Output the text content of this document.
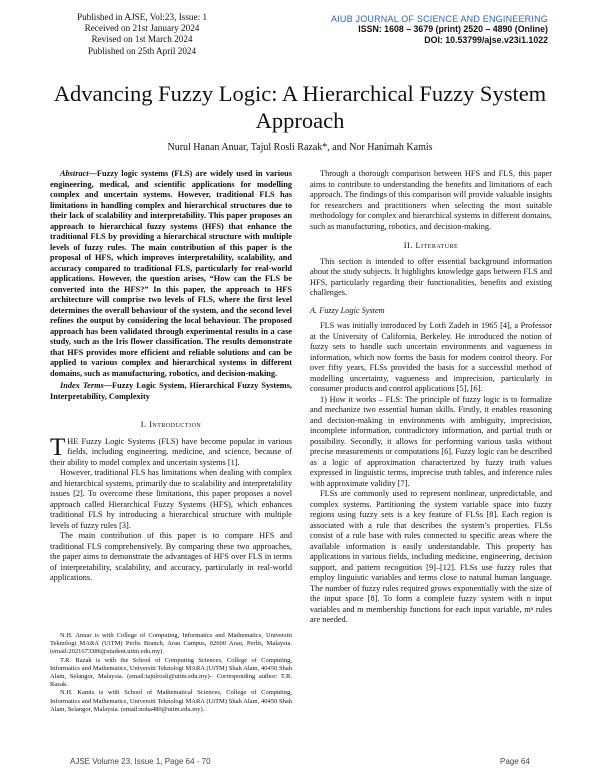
Published in AJSE, Vol:23, Issue: 1
Received on 21st January 2024
Revised on 1st March 2024
Published on 25th April 2024
AIUB JOURNAL OF SCIENCE AND ENGINEERING
ISSN: 1608 – 3679 (print) 2520 – 4890 (Online)
DOI: 10.53799/ajse.v23i1.1022
Advancing Fuzzy Logic: A Hierarchical Fuzzy System Approach
Nurul Hanan Anuar, Tajul Rosli Razak*, and Nor Hanimah Kamis

Abstract—Fuzzy logic systems (FLS) are widely used in various engineering, medical, and scientific applications for modelling complex and uncertain systems. However, traditional FLS has limitations in handling complex and hierarchical structures due to their lack of scalability and interpretability. This paper proposes an approach to hierarchical fuzzy systems (HFS) that enhance the traditional FLS by providing a hierarchical structure with multiple levels of fuzzy rules. The main contribution of this paper is the proposal of HFS, which improves interpretability, scalability, and accuracy compared to traditional FLS, particularly for real-world applications. However, the question arises, “How can the FLS be converted into the HFS?” In this paper, the approach to HFS architecture will comprise two levels of FLS, where the first level determines the overall behaviour of the system, and the second level refines the output by considering the local behaviour. The proposed approach has been validated through experimental results in a case study, such as the Iris flower classification. The results demonstrate that HFS provides more efficient and reliable solutions and can be applied to various complex and hierarchical systems in different domains, such as manufacturing, robotics, and decision-making.

Index Terms—Fuzzy Logic System, Hierarchical Fuzzy Systems, Interpretability, Complexity

I. Introduction

THE Fuzzy Logic Systems (FLS) have become popular in various fields, including engineering, medicine, and science, because of their ability to model complex and uncertain systems [1].

However, traditional FLS has limitations when dealing with complex and hierarchical systems, primarily due to scalability and interpretability issues [2]. To overcome these limitations, this paper proposes a novel approach called Hierarchical Fuzzy Systems (HFS), which enhances traditional FLS by introducing a hierarchical structure with multiple levels of fuzzy rules [3].

The main contribution of this paper is to compare HFS and traditional FLS comprehensively. By comparing these two approaches, the paper aims to demonstrate the advantages of HFS over FLS in terms of interpretability, scalability, and accuracy, particularly in real-world applications.

N.H. Anuar is with College of Computing, Informatics and Mathematics, Universiti Teknologi MARA (UiTM) Perlis Branch, Arau Campus, 02600 Arau, Perlis, Malaysia. (email:2021673386@student.uitm.edu.my).

T.R. Razak is with the School of Computing Sciences, College of Computing, Informatics and Mathematics, Universiti Teknologi MARA (UiTM) Shah Alam, 40450 Shah Alam, Selangor, Malaysia. (email:tajulrosli@uitm.edu.my)– Corresponding author: T.R. Razak.

N.H. Kamis is with School of Mathematical Sciences, College of Computing, Informatics and Mathematics, Universiti Teknologi MARA (UiTM) Shah Alam, 40450 Shah Alam, Selangor, Malaysia. (email:noha480@uitm.edu.my).

Through a thorough comparison between HFS and FLS, this paper aims to contribute to understanding the benefits and limitations of each approach. The findings of this comparison will provide valuable insights for researchers and practitioners when selecting the most suitable methodology for complex and hierarchical systems in different domains, such as manufacturing, robotics, and decision-making.

II. Literature

This section is intended to offer essential background information about the study subjects. It highlights knowledge gaps between FLS and HFS, particularly regarding their functionalities, benefits and existing challenges.

A. Fuzzy Logic System

FLS was initially introduced by Lotfi Zadeh in 1965 [4], a Professor at the University of California, Berkeley. He introduced the notion of fuzzy sets to handle such uncertain environments and vagueness in information, which now forms the basis for modern control theory. For over fifty years, FLSs provided the basis for a successful method of modelling uncertainty, vagueness and imprecision, particularly in consumer products and control applications [5], [6].

1) How it works – FLS: The principle of fuzzy logic is to formalize and mechanize two essential human skills. Firstly, it enables reasoning and decision-making in environments with ambiguity, imprecision, incomplete information, contradictory information, and partial truth or possibility. Secondly, it allows for performing various tasks without precise measurements or computations [6]. Fuzzy logic can be described as a logic of approximation characterized by fuzzy truth values expressed in linguistic terms, imprecise truth tables, and inference rules with approximate validity [7].

FLSs are commonly used to represent nonlinear, unpredictable, and complex systems. Partitioning the system variable space into fuzzy regions using fuzzy sets is a key feature of FLSs [8]. Each region is associated with a rule that describes the system’s properties. FLSs consist of a rule base with rules connected to specific areas where the available information is easily understandable. This property has applications in various fields, including medicine, engineering, decision support, and pattern recognition [9]–[12]. FLSs use fuzzy rules that employ linguistic variables and terms close to natural human language. The number of fuzzy rules required grows exponentially with the size of the input space [8]. To form a complete fuzzy system with n input variables and m membership functions for each input variable, mⁿ rules are needed.

AJSE Volume 23, Issue 1, Page 64 - 70	Page 64
